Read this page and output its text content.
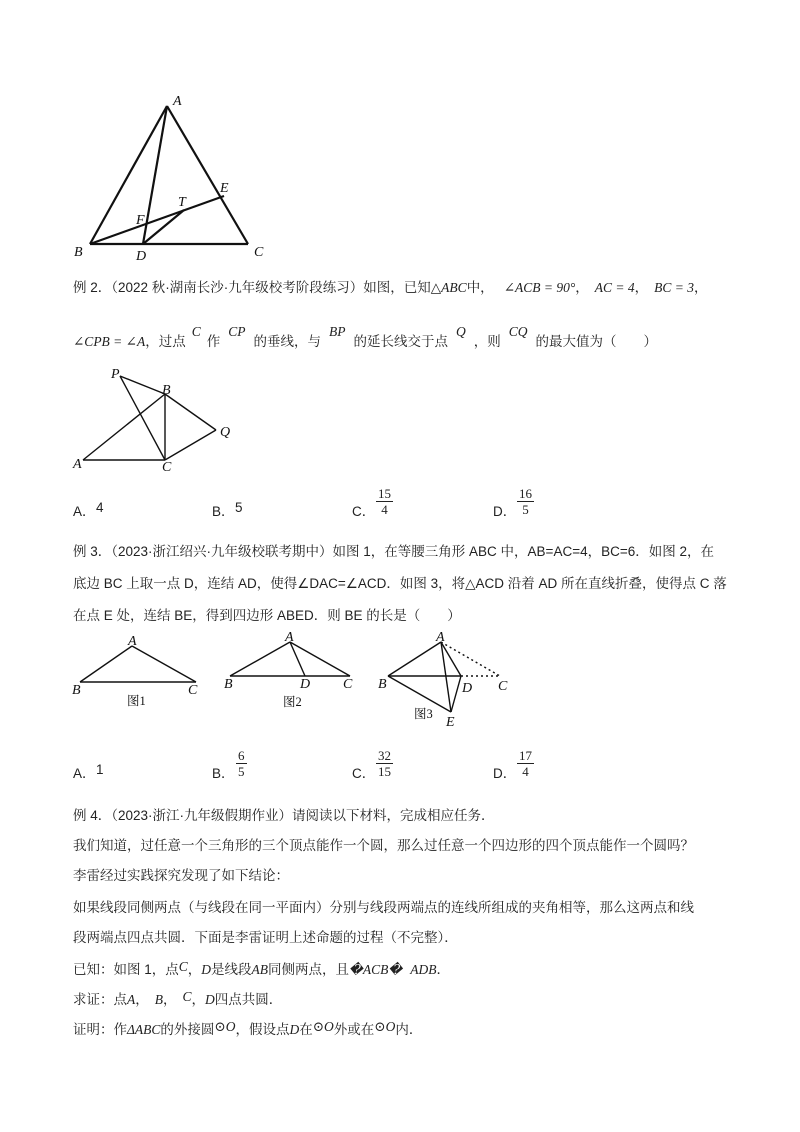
A
E
T
F
B	D	C
例 2．（2022 秋·湖南长沙·九年级校考阶段练习）如图，已知△ABC中， ∠ACB = 90°， AC = 4， BC = 3，
∠CPB = ∠A，过点C作CP的垂线，与BP的延长线交于点Q，则CQ的最大值为（　　）
P
B
Q
A	C
A． 4	B． 5	C． $\frac{15}{4}$	D． $\frac{16}{5}$
例 3．（2023·浙江绍兴·九年级校联考期中）如图 1，在等腰三角形 ABC 中，AB=AC=4，BC=6．如图 2，在
底边 BC 上取一点 D，连结 AD，使得∠DAC=∠ACD．如图 3，将△ACD 沿着 AD 所在直线折叠，使得点 C 落
在点 E 处，连结 BE，得到四边形 ABED．则 BE 的长是（　　）
A
B	C
图1
A
B	D C
图2
A
B	D C
E
图3
A． 1	B． $\frac{6}{5}$	C． $\frac{32}{15}$	D． $\frac{17}{4}$
例 4．（2023·浙江·九年级假期作业）请阅读以下材料，完成相应任务．
我们知道，过任意一个三角形的三个顶点能作一个圆，那么过任意一个四边形的四个顶点能作一个圆吗？
李雷经过实践探究发现了如下结论：
如果线段同侧两点（与线段在同一平面内）分别与线段两端点的连线所组成的夹角相等，那么这两点和线
段两端点四点共圆．下面是李雷证明上述命题的过程（不完整）．
已知：如图 1，点C，D是线段AB同侧两点，且�ACB� ADB．
求证：点A， B， C，D四点共圆．
证明：作ΔABC的外接圆⊙O，假设点D在⊙O外或在⊙O内．
